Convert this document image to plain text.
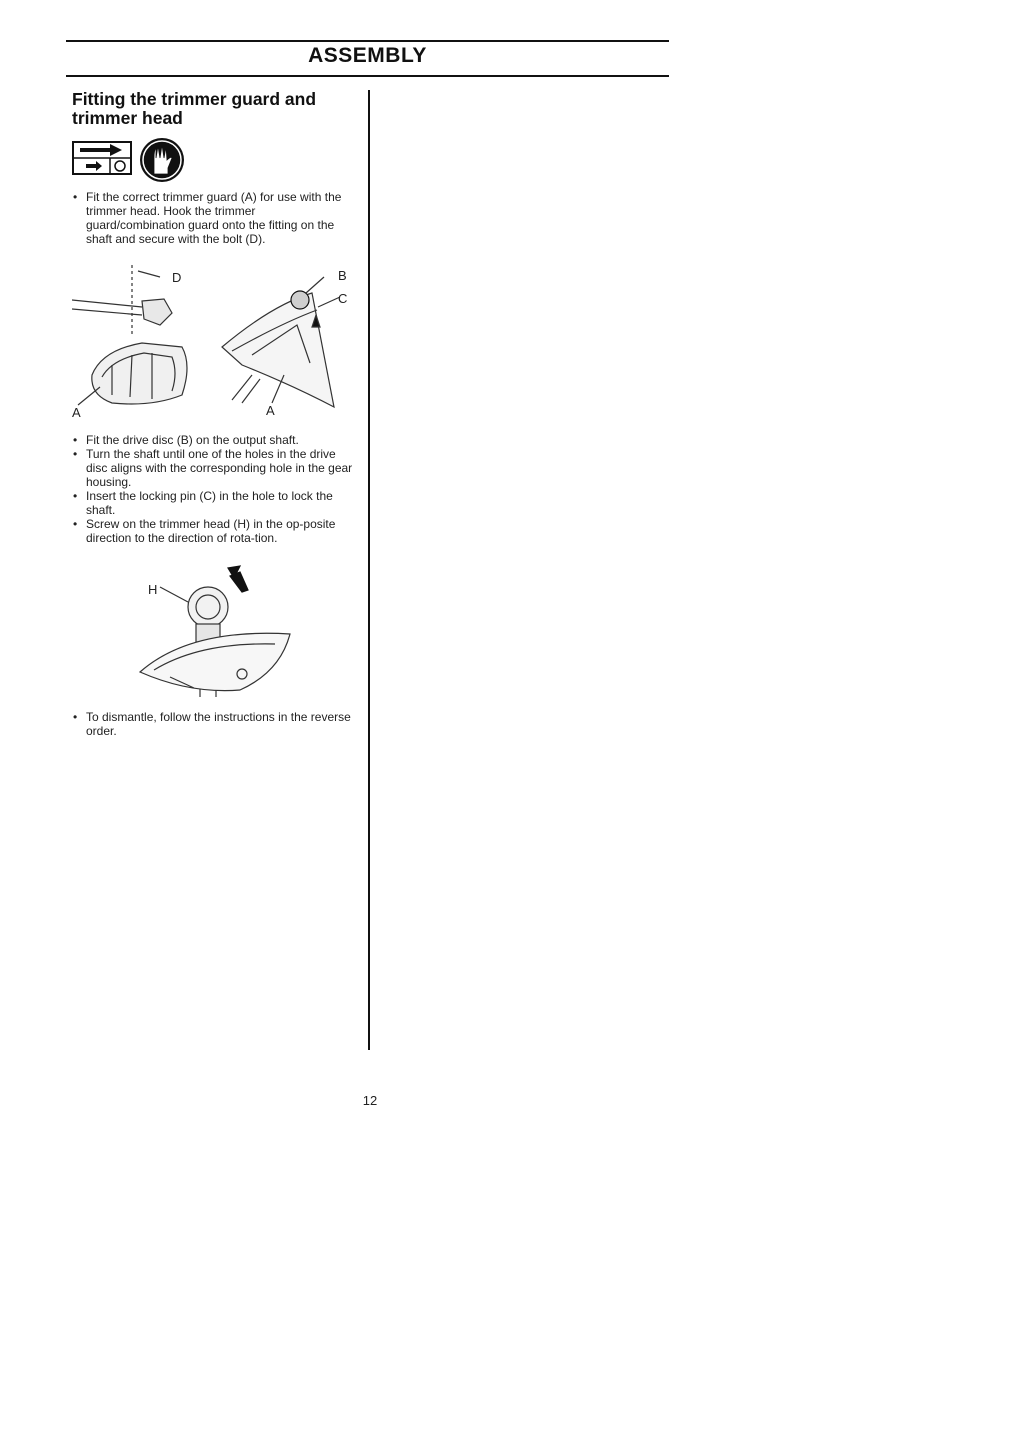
ASSEMBLY
Fitting the trimmer guard and trimmer head
• Fit the correct trimmer guard (A) for use with the trimmer head. Hook the trimmer guard/combination guard onto the fitting on the shaft and secure with the bolt (D).
D	B
C
A	A
• Fit the drive disc (B) on the output shaft.
• Turn the shaft until one of the holes in the drive disc aligns with the corresponding hole in the gear housing.
• Insert the locking pin (C) in the hole to lock the shaft.
• Screw on the trimmer head (H) in the op-posite direction to the direction of rota-tion.
H
• To dismantle, follow the instructions in the reverse order.
12
